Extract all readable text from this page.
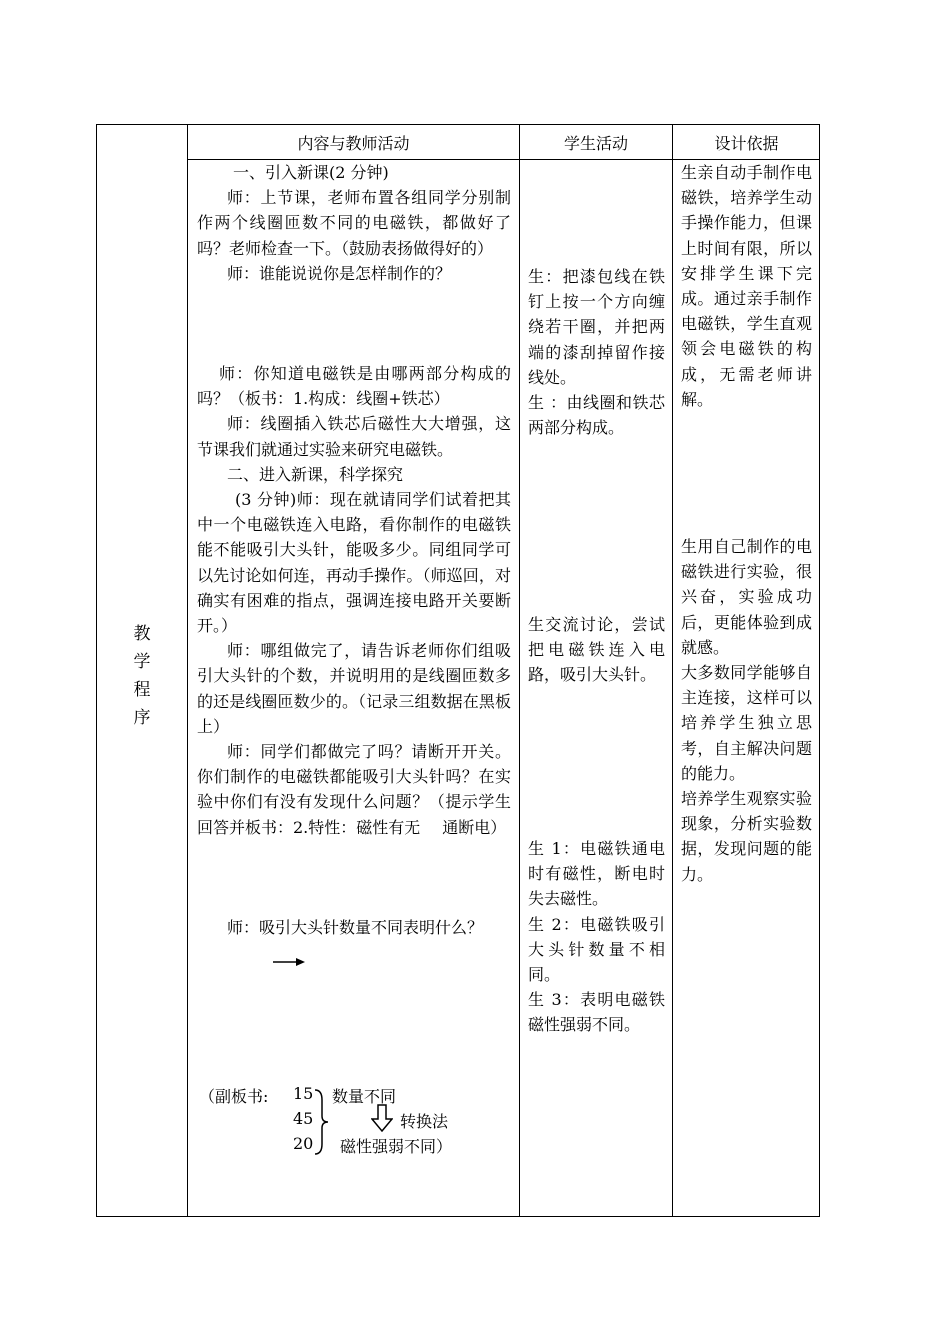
内容与教师活动	学生活动	设计依据
教
学
程
序

一、引入新课(2 分钟)

师：上节课，老师布置各组同学分别制作两个线圈匝数不同的电磁铁，都做好了吗？老师检查一下。（鼓励表扬做得好的）

师：谁能说说你是怎样制作的？

师：你知道电磁铁是由哪两部分构成的吗？（板书：1.构成：线圈+铁芯）

师：线圈插入铁芯后磁性大大增强，这节课我们就通过实验来研究电磁铁。

二、进入新课，科学探究

(3 分钟)师：现在就请同学们试着把其中一个电磁铁连入电路，看你制作的电磁铁能不能吸引大头针，能吸多少。同组同学可以先讨论如何连，再动手操作。（师巡回，对确实有困难的指点，强调连接电路开关要断开。）

师：哪组做完了，请告诉老师你们组吸引大头针的个数，并说明用的是线圈匝数多的还是线圈匝数少的。（记录三组数据在黑板上）

师：同学们都做完了吗？请断开开关。你们制作的电磁铁都能吸引大头针吗？在实验中你们有没有发现什么问题？（提示学生回答并板书：2.特性：磁性有无 通断电）

师：吸引大头针数量不同表明什么？

（副板书: 15
45
20
数量不同
转换法
磁性强弱不同）

生：把漆包线在铁钉上按一个方向缠绕若干圈，并把两端的漆刮掉留作接线处。

生 ：由线圈和铁芯两部分构成。

生交流讨论，尝试 把电磁铁连入电路，吸引大头针。

生 1：电磁铁通电时有磁性，断电时失去磁性。

生 2：电磁铁吸引大头针数量不相同。

生 3：表明电磁铁磁性强弱不同。

生亲自动手制作电磁铁，培养学生动手操作能力，但课上时间有限，所以安排学生课下完成。通过亲手制作电磁铁，学生直观领会电磁铁的构成，无需老师讲解。

生用自己制作的电磁铁进行实验，很兴奋，实验成功后，更能体验到成就感。

大多数同学能够自主连接，这样可以培养学生独立思考，自主解决问题的能力。

培养学生观察实验现象，分析实验数据，发现问题的能力。
